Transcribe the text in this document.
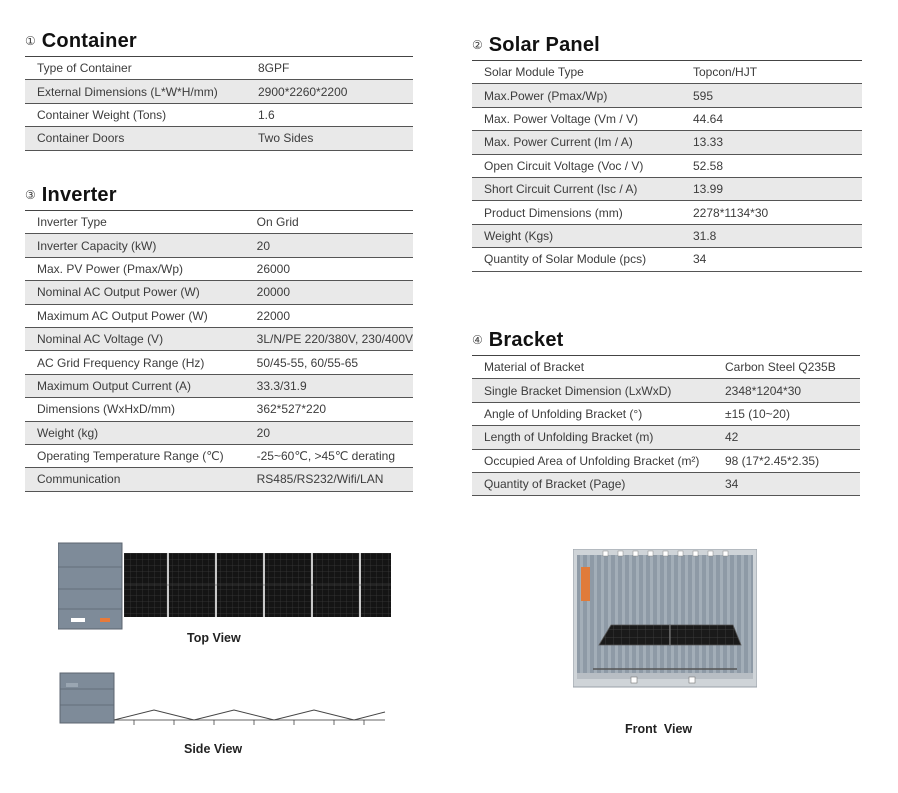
① Container
Type of Container	8GPF
External Dimensions (L*W*H/mm)	2900*2260*2200
Container Weight (Tons)	1.6
Container Doors	Two Sides
③ Inverter
Inverter Type	On Grid
Inverter Capacity (kW)	20
Max. PV Power (Pmax/Wp)	26000
Nominal AC Output Power (W)	20000
Maximum AC Output Power (W)	22000
Nominal AC Voltage (V)	3L/N/PE 220/380V, 230/400V
AC Grid Frequency Range (Hz)	50/45-55, 60/55-65
Maximum Output Current (A)	33.3/31.9
Dimensions (WxHxD/mm)	362*527*220
Weight (kg)	20
Operating Temperature Range (℃)	-25~60℃, >45℃ derating
Communication	RS485/RS232/Wifi/LAN
② Solar Panel
Solar Module Type	Topcon/HJT
Max.Power (Pmax/Wp)	595
Max. Power Voltage (Vm / V)	44.64
Max. Power Current (Im / A)	13.33
Open Circuit Voltage (Voc / V)	52.58
Short Circuit Current (Isc / A)	13.99
Product Dimensions (mm)	2278*1134*30
Weight (Kgs)	31.8
Quantity of Solar Module (pcs)	34
④ Bracket
Material of Bracket	Carbon Steel Q235B
Single Bracket Dimension (LxWxD)	2348*1204*30
Angle of Unfolding Bracket (°)	±15 (10~20)
Length of Unfolding Bracket (m)	42
Occupied Area of Unfolding Bracket (m²)	98 (17*2.45*2.35)
Quantity of Bracket (Page)	34
Top View
Side View
Front  View
